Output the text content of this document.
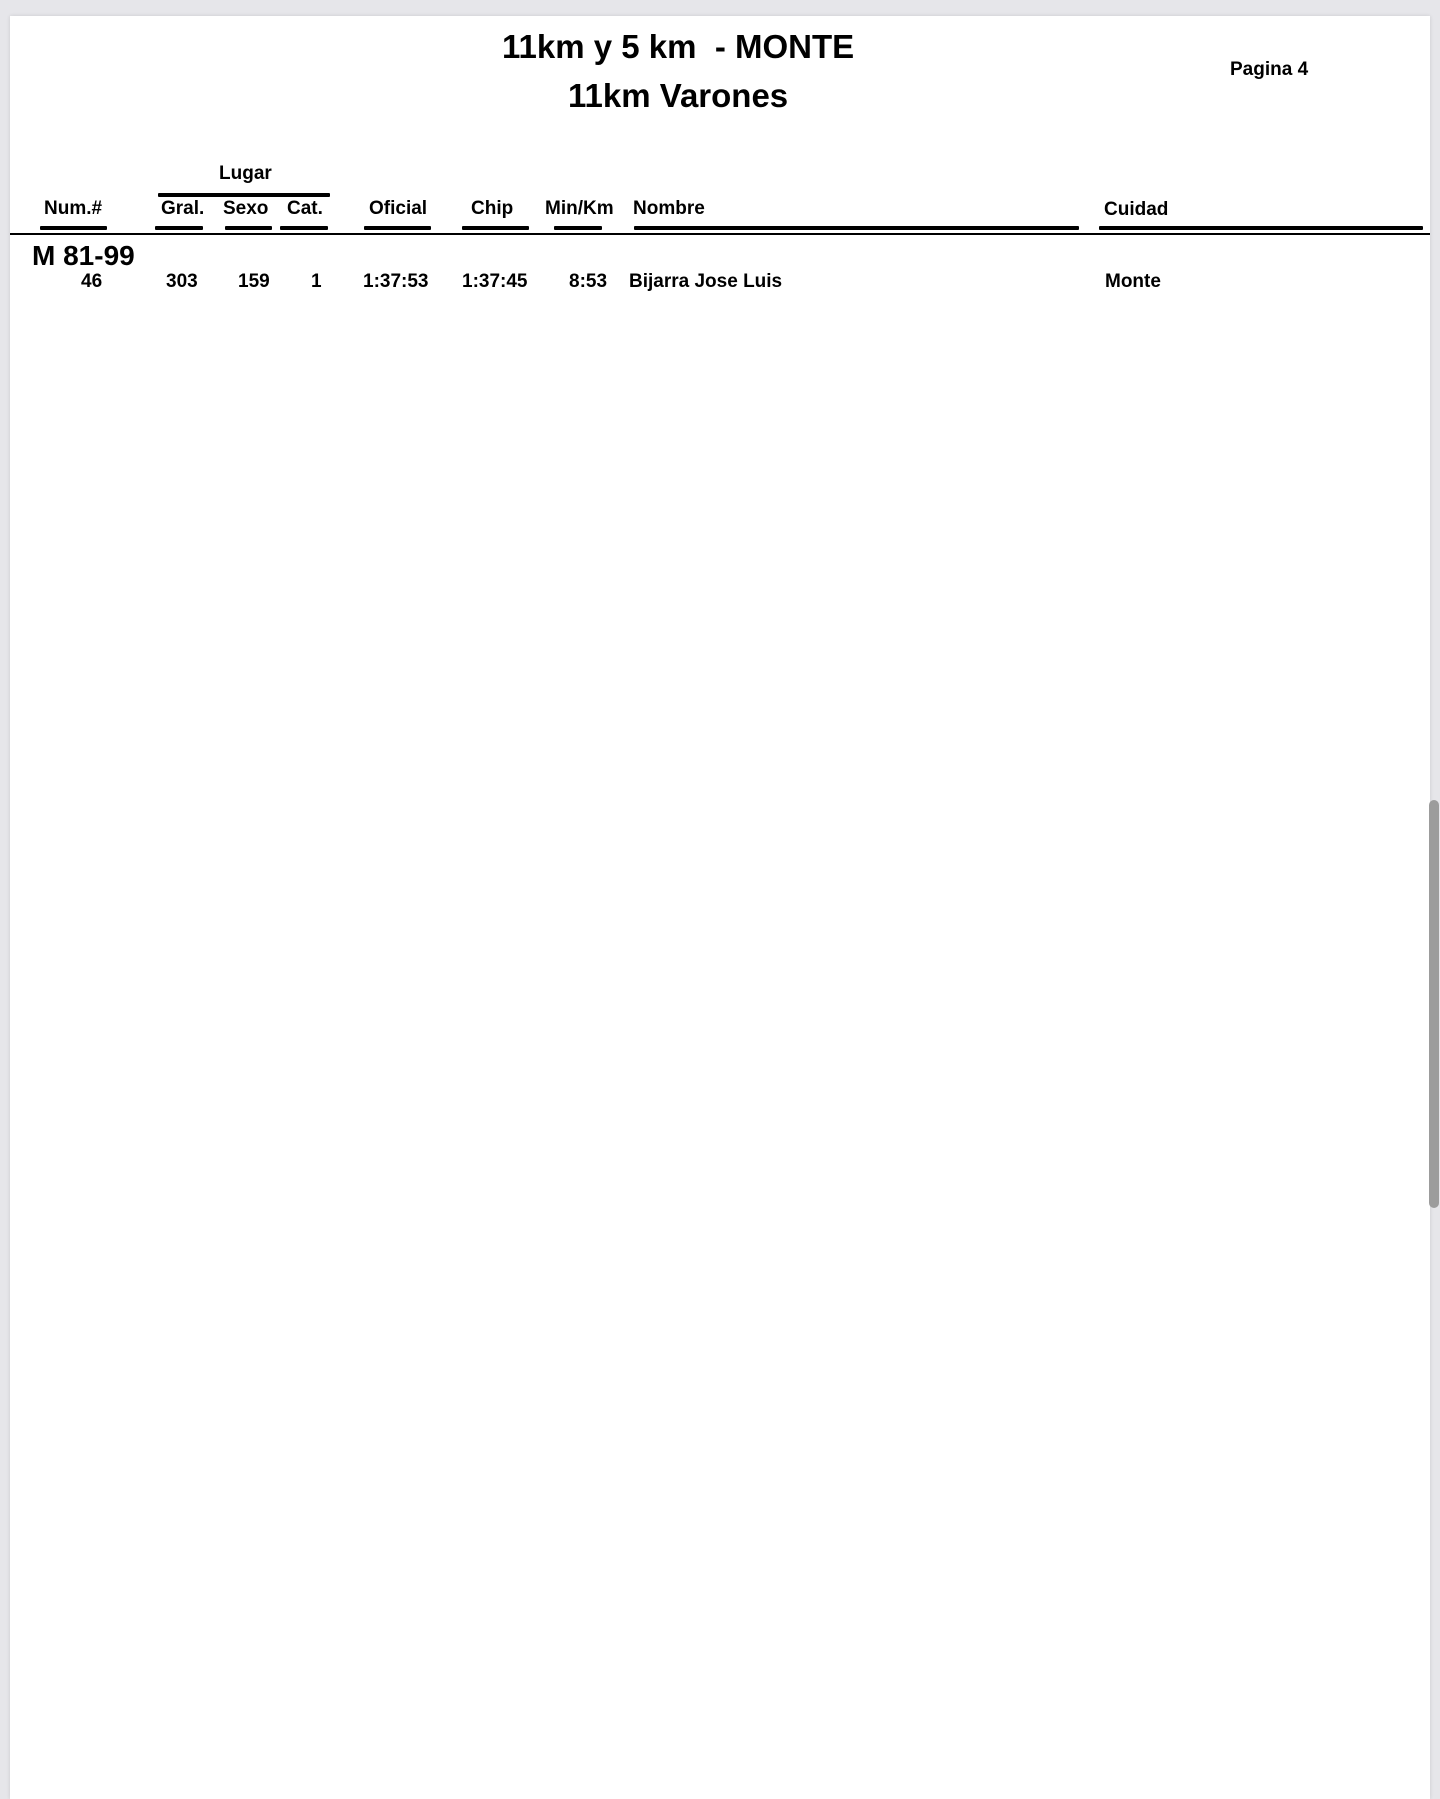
11km y 5 km  - MONTE
11km Varones
Pagina 4
Lugar
Num.#	Gral. Sexo Cat. Oficial Chip Min/Km Nombre	Cuidad
M 81-99
46	303 159 1 1:37:53 1:37:45 8:53 Bijarra Jose Luis	Monte
